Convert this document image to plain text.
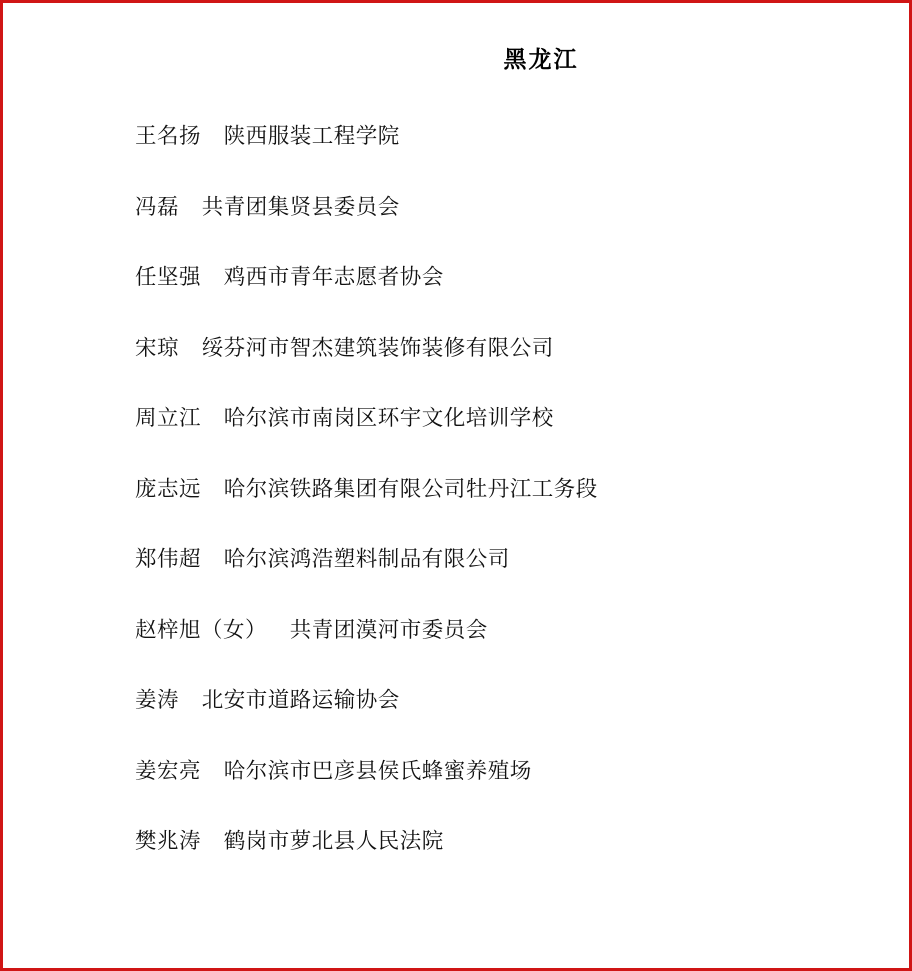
黑龙江
王名扬 陕西服装工程学院
冯磊 共青团集贤县委员会
任坚强 鸡西市青年志愿者协会
宋琼 绥芬河市智杰建筑装饰装修有限公司
周立江 哈尔滨市南岗区环宇文化培训学校
庞志远 哈尔滨铁路集团有限公司牡丹江工务段
郑伟超 哈尔滨鸿浩塑料制品有限公司
赵梓旭（女）  共青团漠河市委员会
姜涛 北安市道路运输协会
姜宏亮 哈尔滨市巴彦县侯氏蜂蜜养殖场
樊兆涛 鹤岗市萝北县人民法院
